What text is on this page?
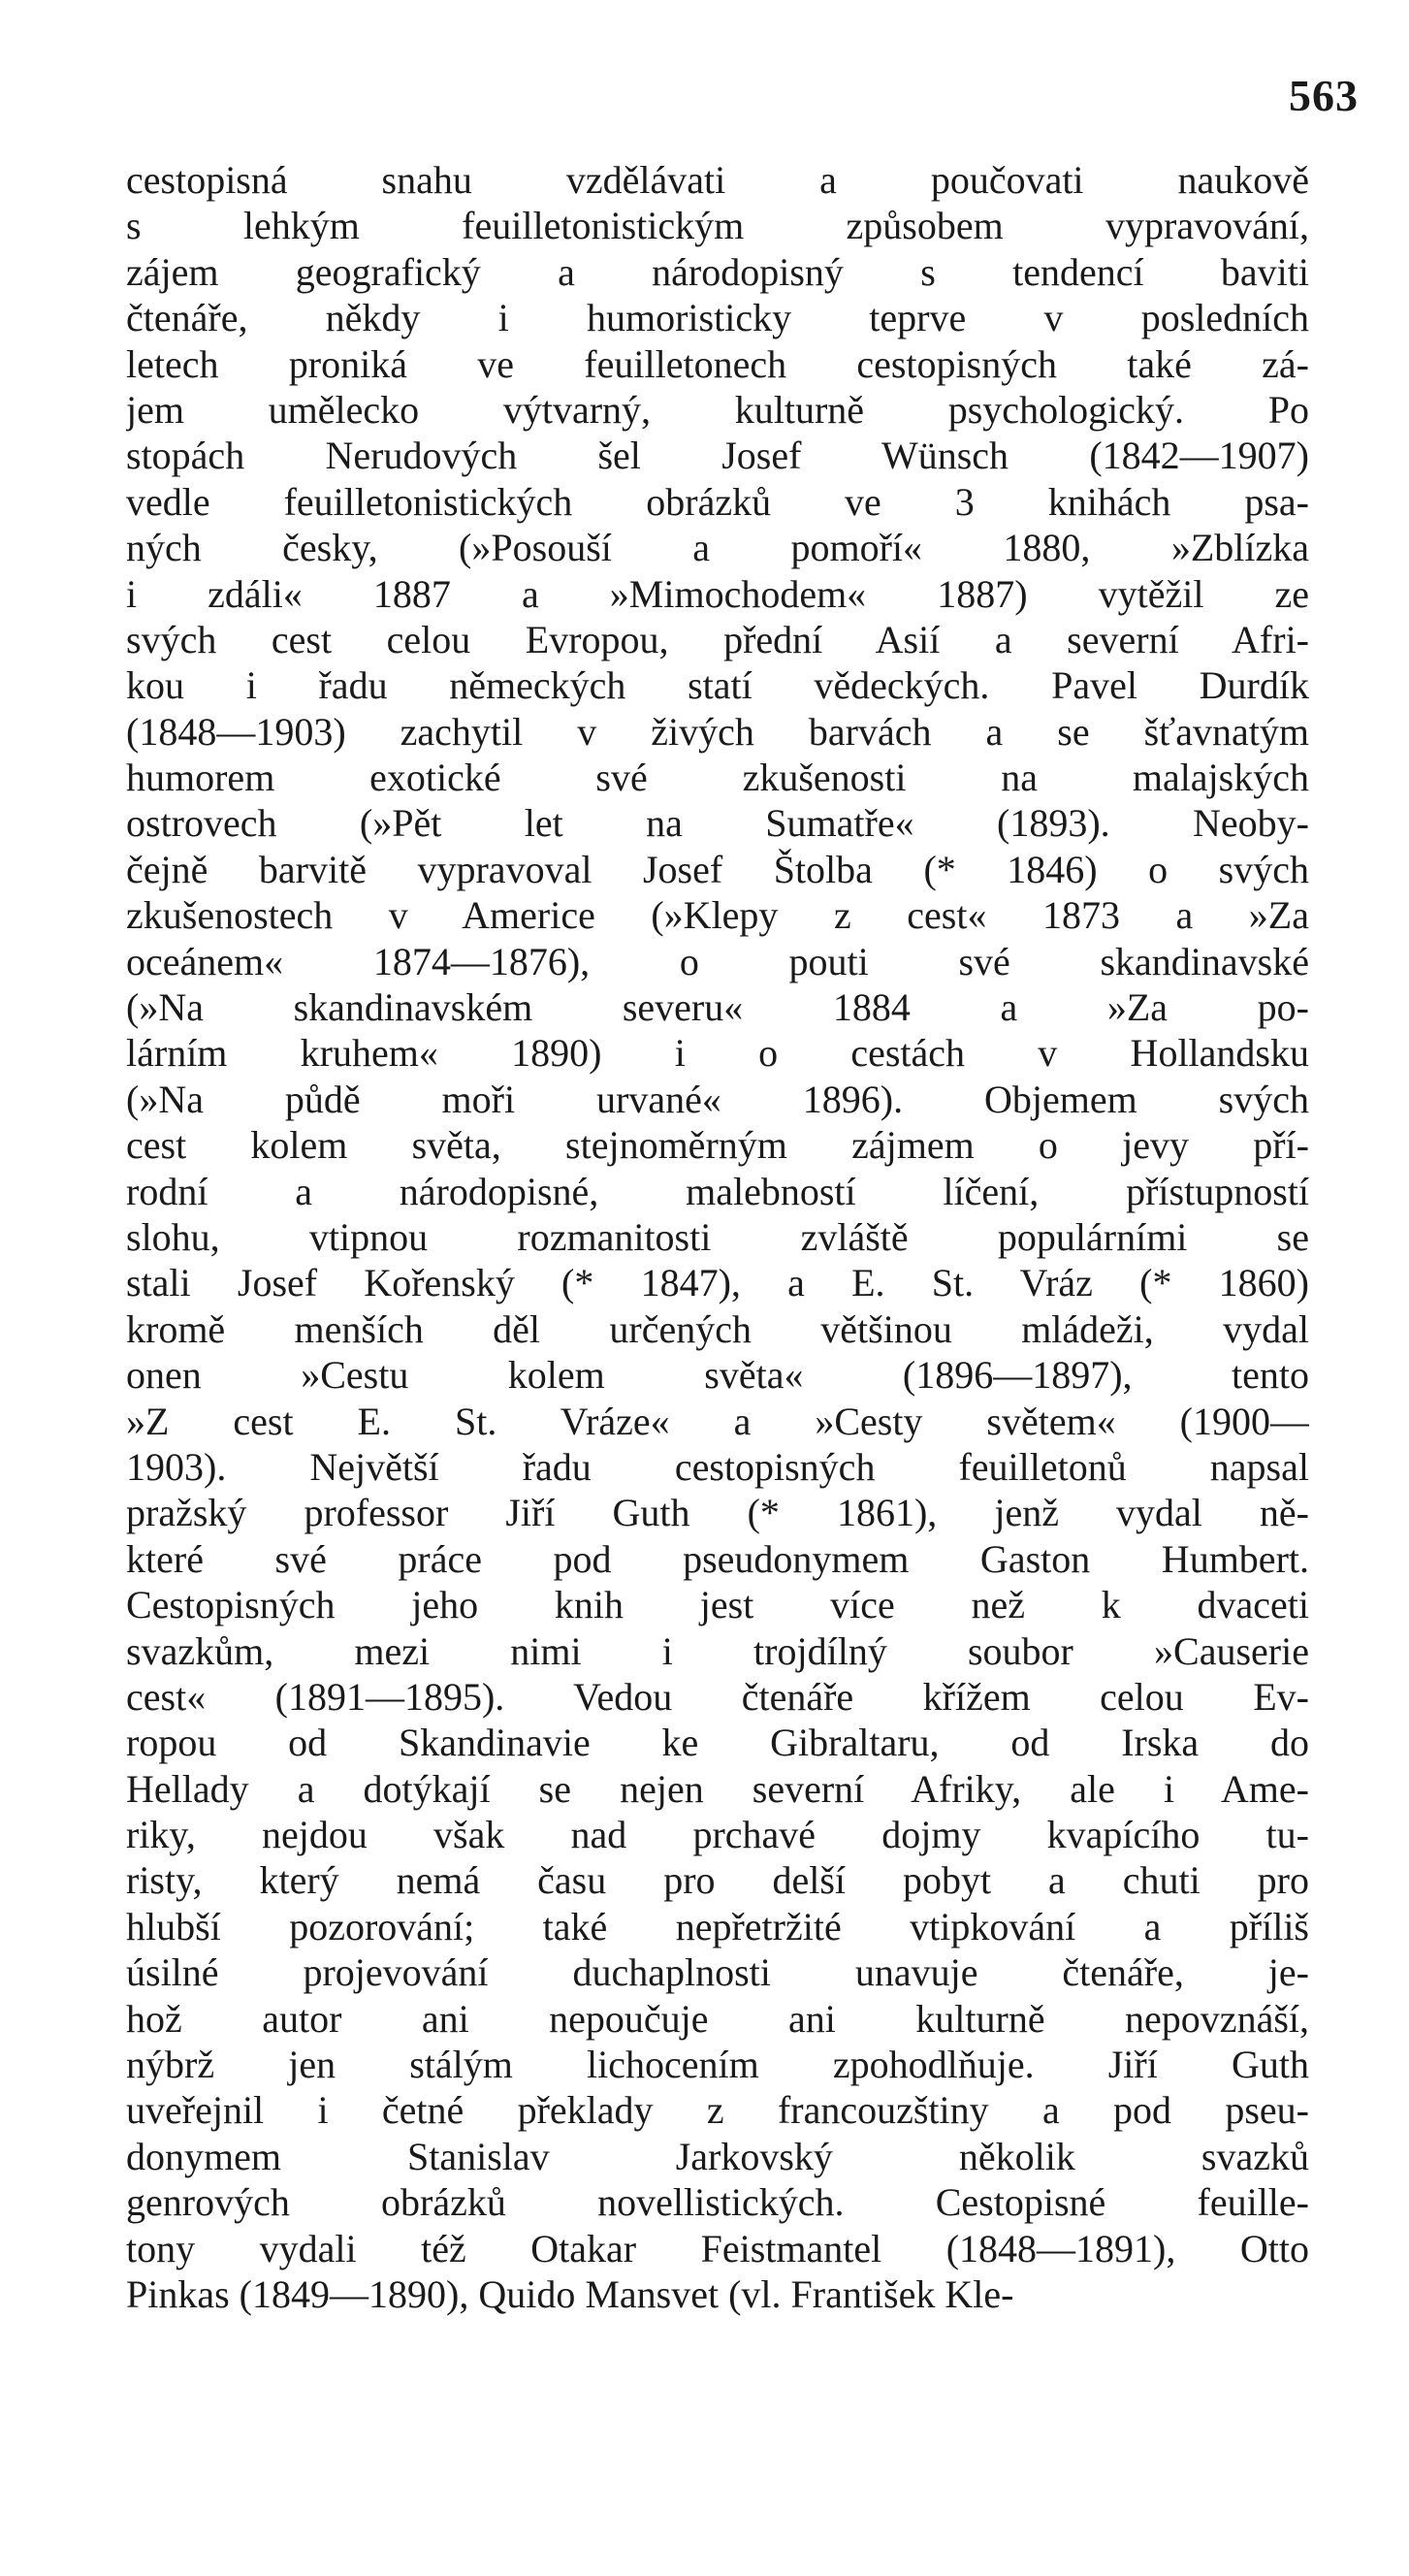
563
cestopisná snahu vzdělávati a poučovati naukově
s lehkým feuilletonistickým způsobem vypravování,
zájem geografický a národopisný s tendencí baviti
čtenáře, někdy i humoristicky teprve v posledních
letech proniká ve feuilletonech cestopisných také zá-
jem umělecko výtvarný, kulturně psychologický. Po
stopách Nerudových šel Josef Wünsch (1842—1907)
vedle feuilletonistických obrázků ve 3 knihách psa-
ných česky, (»Posouší a pomoří« 1880, »Zblízka
i zdáli« 1887 a »Mimochodem« 1887) vytěžil ze
svých cest celou Evropou, přední Asií a severní Afri-
kou i řadu německých statí vědeckých. Pavel Durdík
(1848—1903) zachytil v živých barvách a se šťavnatým
humorem exotické své zkušenosti na malajských
ostrovech (»Pět let na Sumatře« (1893). Neoby-
čejně barvitě vypravoval Josef Štolba (* 1846) o svých
zkušenostech v Americe (»Klepy z cest« 1873 a »Za
oceánem« 1874—1876), o pouti své skandinavské
(»Na skandinavském severu« 1884 a »Za po-
lárním kruhem« 1890) i o cestách v Hollandsku
(»Na půdě moři urvané« 1896). Objemem svých
cest kolem světa, stejnoměrným zájmem o jevy pří-
rodní a národopisné, malebností líčení, přístupností
slohu, vtipnou rozmanitosti zvláště populárními se
stali Josef Kořenský (* 1847), a E. St. Vráz (* 1860)
kromě menších děl určených většinou mládeži, vydal
onen »Cestu kolem světa« (1896—1897), tento
»Z cest E. St. Vráze« a »Cesty světem« (1900—
1903). Největší řadu cestopisných feuilletonů napsal
pražský professor Jiří Guth (* 1861), jenž vydal ně-
které své práce pod pseudonymem Gaston Humbert.
Cestopisných jeho knih jest více než k dvaceti
svazkům, mezi nimi i trojdílný soubor »Causerie
cest« (1891—1895). Vedou čtenáře křížem celou Ev-
ropou od Skandinavie ke Gibraltaru, od Irska do
Hellady a dotýkají se nejen severní Afriky, ale i Ame-
riky, nejdou však nad prchavé dojmy kvapícího tu-
risty, který nemá času pro delší pobyt a chuti pro
hlubší pozorování; také nepřetržité vtipkování a příliš
úsilné projevování duchaplnosti unavuje čtenáře, je-
hož autor ani nepoučuje ani kulturně nepovznáší,
nýbrž jen stálým lichocením zpohodlňuje. Jiří Guth
uveřejnil i četné překlady z francouzštiny a pod pseu-
donymem Stanislav Jarkovský několik svazků
genrových obrázků novellistických. Cestopisné feuille-
tony vydali též Otakar Feistmantel (1848—1891), Otto
Pinkas (1849—1890), Quido Mansvet (vl. František Kle-
